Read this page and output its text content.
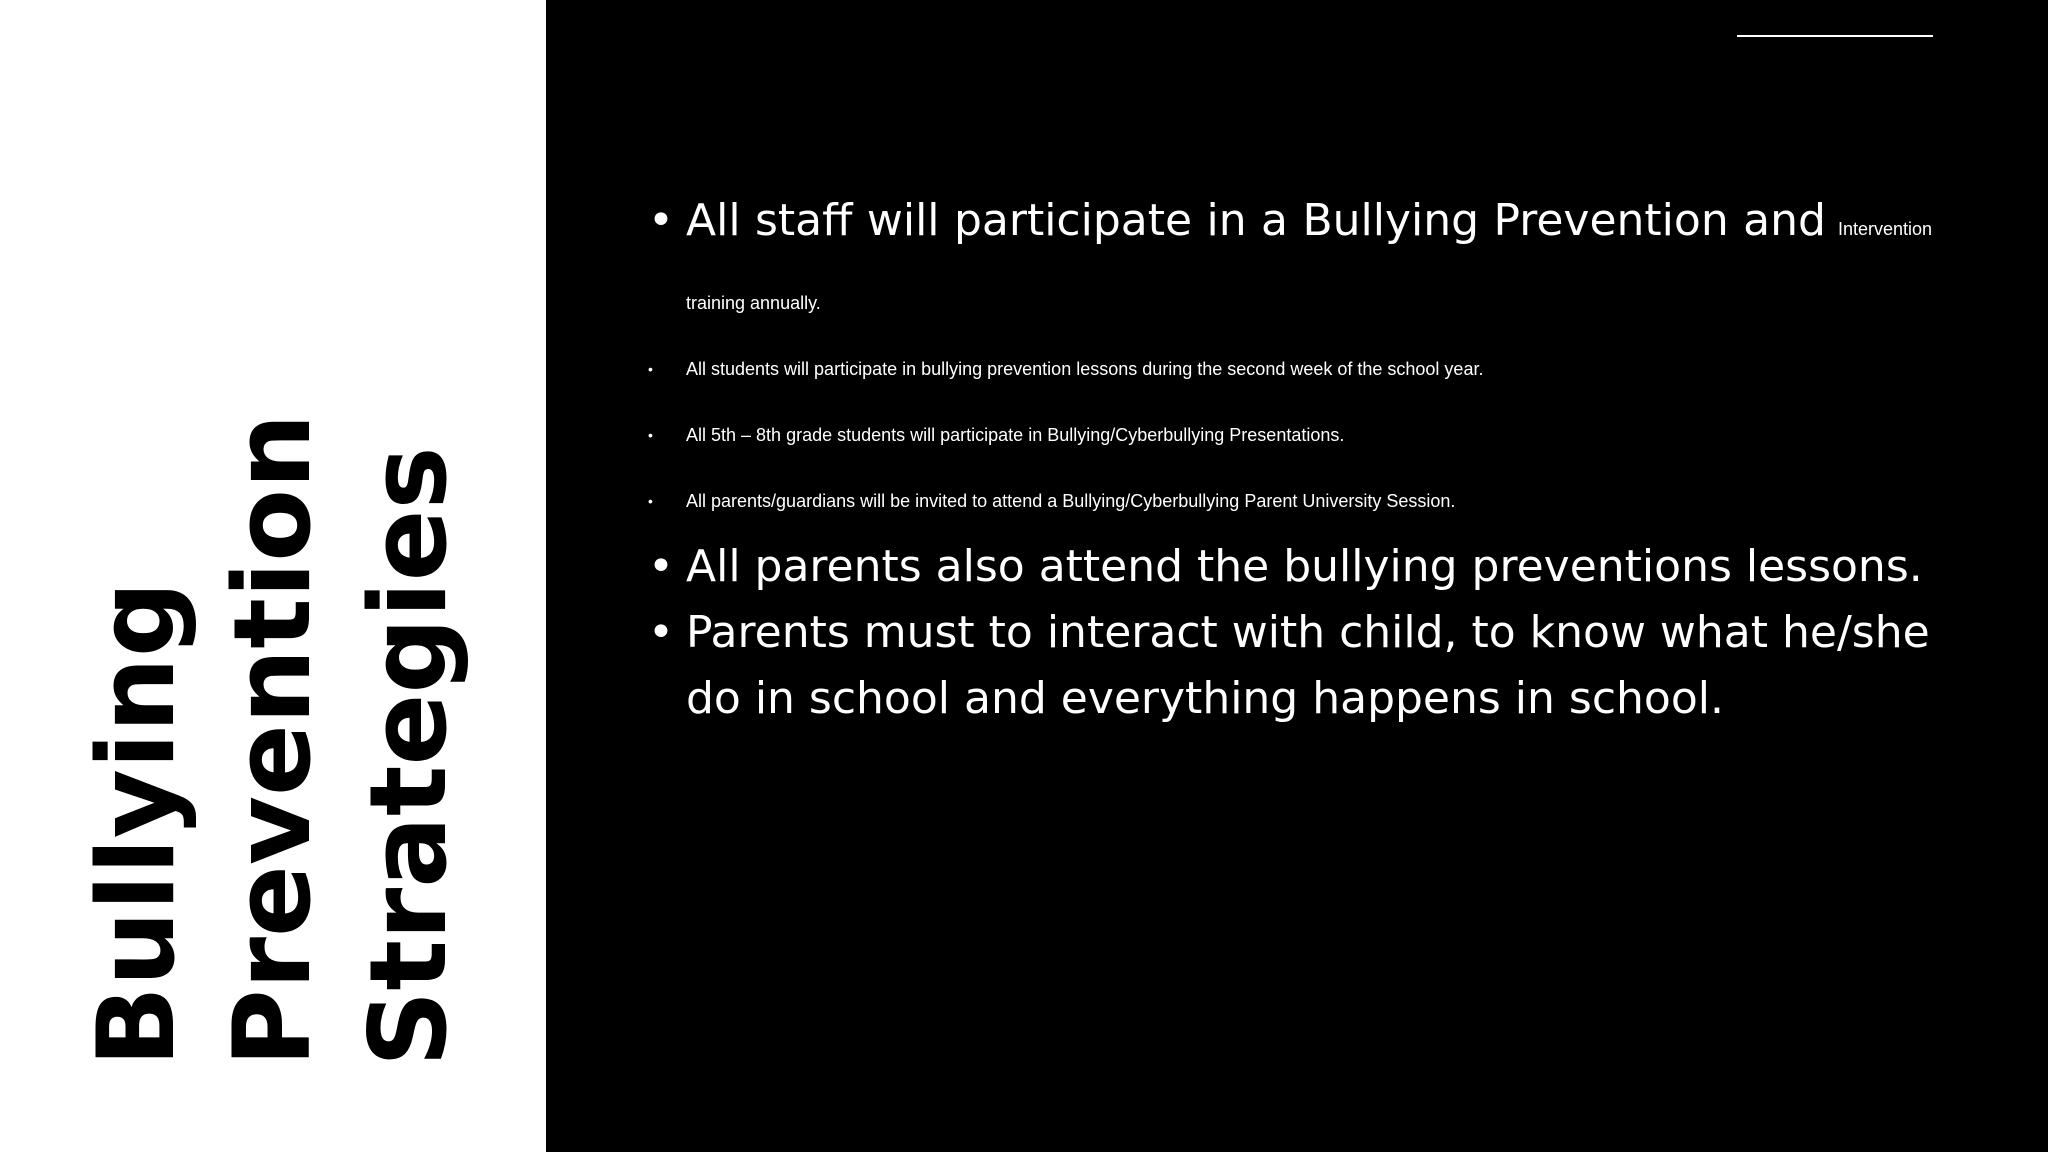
Bullying Prevention Strategies

• All staff will participate in a Bullying Prevention and Intervention training annually.

• All students will participate in bullying prevention lessons during the second week of the school year.

• All 5th – 8th grade students will participate in Bullying/Cyberbullying Presentations.

• All parents/guardians will be invited to attend a Bullying/Cyberbullying Parent University Session.

• All parents also attend the bullying preventions lessons.

• Parents must to interact with child, to know what he/she do in school and everything happens in school.
